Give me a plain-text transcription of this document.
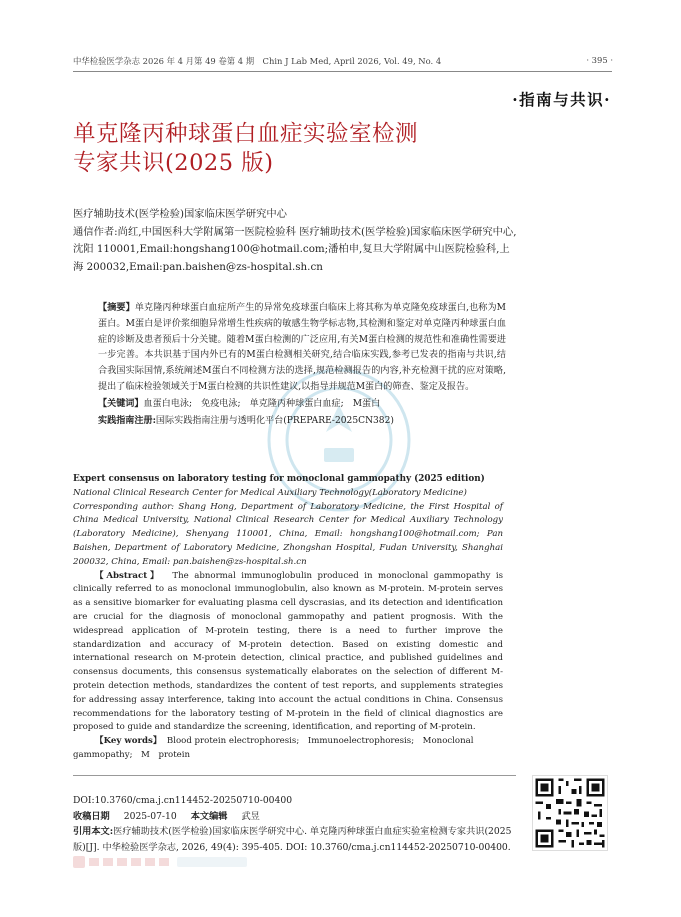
中华检验医学杂志 2026 年 4 月第 49 卷第 4 期　Chin J Lab Med, April 2026, Vol. 49, No. 4	· 395 ·
·指南与共识·
单克隆丙种球蛋白血症实验室检测
专家共识(2025 版)

医疗辅助技术(医学检验)国家临床医学研究中心

通信作者:尚红,中国医科大学附属第一医院检验科 医疗辅助技术(医学检验)国家临床医学研究中心,沈阳 110001,Email:hongshang100@hotmail.com;潘柏申,复旦大学附属中山医院检验科,上海 200032,Email:pan.baishen@zs-hospital.sh.cn

【摘要】单克隆丙种球蛋白血症所产生的异常免疫球蛋白临床上将其称为单克隆免疫球蛋白,也称为M蛋白。M蛋白是评价浆细胞异常增生性疾病的敏感生物学标志物,其检测和鉴定对单克隆丙种球蛋白血症的诊断及患者预后十分关键。随着M蛋白检测的广泛应用,有关M蛋白检测的规范性和准确性需要进一步完善。本共识基于国内外已有的M蛋白检测相关研究,结合临床实践,参考已发表的指南与共识,结合我国实际国情,系统阐述M蛋白不同检测方法的选择,规范检测报告的内容,补充检测干扰的应对策略,提出了临床检验领域关于M蛋白检测的共识性建议,以指导并规范M蛋白的筛查、鉴定及报告。

【关键词】血蛋白电泳;　免疫电泳;　单克隆丙种球蛋白血症;　M蛋白

实践指南注册:国际实践指南注册与透明化平台(PREPARE-2025CN382)

Expert consensus on laboratory testing for monoclonal gammopathy (2025 edition)

National Clinical Research Center for Medical Auxiliary Technology(Laboratory Medicine)

Corresponding author: Shang Hong, Department of Laboratory Medicine, the First Hospital of China Medical University, National Clinical Research Center for Medical Auxiliary Technology (Laboratory Medicine), Shenyang 110001, China, Email: hongshang100@hotmail.com; Pan Baishen, Department of Laboratory Medicine, Zhongshan Hospital, Fudan University, Shanghai 200032, China, Email: pan.baishen@zs-hospital.sh.cn

【Abstract】 The abnormal immunoglobulin produced in monoclonal gammopathy is clinically referred to as monoclonal immunoglobulin, also known as M-protein. M-protein serves as a sensitive biomarker for evaluating plasma cell dyscrasias, and its detection and identification are crucial for the diagnosis of monoclonal gammopathy and patient prognosis. With the widespread application of M-protein testing, there is a need to further improve the standardization and accuracy of M-protein detection. Based on existing domestic and international research on M-protein detection, clinical practice, and published guidelines and consensus documents, this consensus systematically elaborates on the selection of different M-protein detection methods, standardizes the content of test reports, and supplements strategies for addressing assay interference, taking into account the actual conditions in China. Consensus recommendations for the laboratory testing of M-protein in the field of clinical diagnostics are proposed to guide and standardize the screening, identification, and reporting of M-protein.

【Key words】 Blood protein electrophoresis;　Immunoelectrophoresis;　Monoclonal gammopathy;　M　protein

DOI:10.3760/cma.j.cn114452-20250710-00400

收稿日期 2025-07-10 本文编辑 武昱

引用本文:医疗辅助技术(医学检验)国家临床医学研究中心. 单克隆丙种球蛋白血症实验室检测专家共识(2025版)[J]. 中华检验医学杂志, 2026, 49(4): 395-405. DOI: 10.3760/cma.j.cn114452-20250710-00400.
